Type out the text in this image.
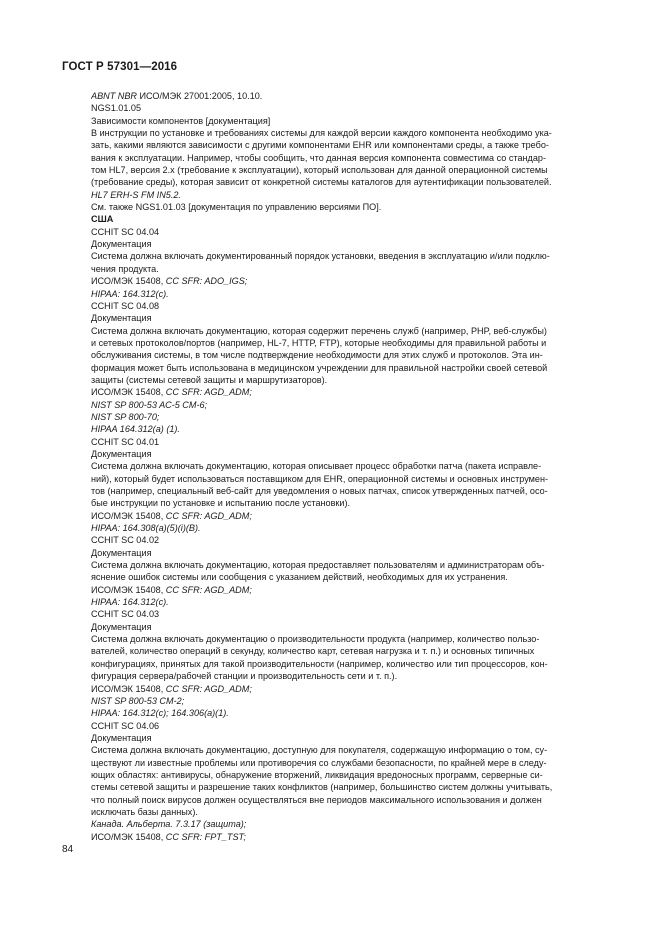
ГОСТ Р 57301—2016
ABNT NBR ИСО/МЭК 27001:2005, 10.10.
NGS1.01.05
Зависимости компонентов [документация]
В инструкции по установке и требованиях системы для каждой версии каждого компонента необходимо ука-
зать, какими являются зависимости с другими компонентами EHR или компонентами среды, а также требо-
вания к эксплуатации. Например, чтобы сообщить, что данная версия компонента совместима со стандар-
том HL7, версия 2.x (требование к эксплуатации), который использован для данной операционной системы
(требование среды), которая зависит от конкретной системы каталогов для аутентификации пользователей.
HL7 ERH-S FM IN5.2.
См. также NGS1.01.03 [документация по управлению версиями ПО].
США
CCHIT SC 04.04
Документация
Система должна включать документированный порядок установки, введения в эксплуатацию и/или подклю-
чения продукта.
ИСО/МЭК 15408, CC SFR: ADO_IGS;
HIPAA: 164.312(c).
CCHIT SC 04.08
Документация
Система должна включать документацию, которая содержит перечень служб (например, PHP, веб-службы)
и сетевых протоколов/портов (например, HL-7, HTTP, FTP), которые необходимы для правильной работы и
обслуживания системы, в том числе подтверждение необходимости для этих служб и протоколов. Эта ин-
формация может быть использована в медицинском учреждении для правильной настройки своей сетевой
защиты (системы сетевой защиты и маршрутизаторов).
ИСО/МЭК 15408, CC SFR: AGD_ADM;
NIST SP 800-53 AC-5 CM-6;
NIST SP 800-70;
HIPAA 164.312(a) (1).
CCHIT SC 04.01
Документация
Система должна включать документацию, которая описывает процесс обработки патча (пакета исправле-
ний), который будет использоваться поставщиком для EHR, операционной системы и основных инструмен-
тов (например, специальный веб-сайт для уведомления о новых патчах, список утвержденных патчей, осо-
бые инструкции по установке и испытанию после установки).
ИСО/МЭК 15408, CC SFR: AGD_ADM;
HIPAA: 164.308(a)(5)(i)(B).
CCHIT SC 04.02
Документация
Система должна включать документацию, которая предоставляет пользователям и администраторам объ-
яснение ошибок системы или сообщения с указанием действий, необходимых для их устранения.
ИСО/МЭК 15408, CC SFR: AGD_ADM;
HIPAA: 164.312(c).
CCHIT SC 04.03
Документация
Система должна включать документацию о производительности продукта (например, количество пользо-
вателей, количество операций в секунду, количество карт, сетевая нагрузка и т. п.) и основных типичных
конфигурациях, принятых для такой производительности (например, количество или тип процессоров, кон-
фигурация сервера/рабочей станции и производительность сети и т. п.).
ИСО/МЭК 15408, CC SFR: AGD_ADM;
NIST SP 800-53 CM-2;
HIPAA: 164.312(c); 164.306(a)(1).
CCHIT SC 04.06
Документация
Система должна включать документацию, доступную для покупателя, содержащую информацию о том, су-
ществуют ли известные проблемы или противоречия со службами безопасности, по крайней мере в следу-
ющих областях: антивирусы, обнаружение вторжений, ликвидация вредоносных программ, серверные си-
стемы сетевой защиты и разрешение таких конфликтов (например, большинство систем должны учитывать,
что полный поиск вирусов должен осуществляться вне периодов максимального использования и должен
исключать базы данных).
Канада. Альберта. 7.3.17 (защита);
ИСО/МЭК 15408, CC SFR: FPT_TST;
84
